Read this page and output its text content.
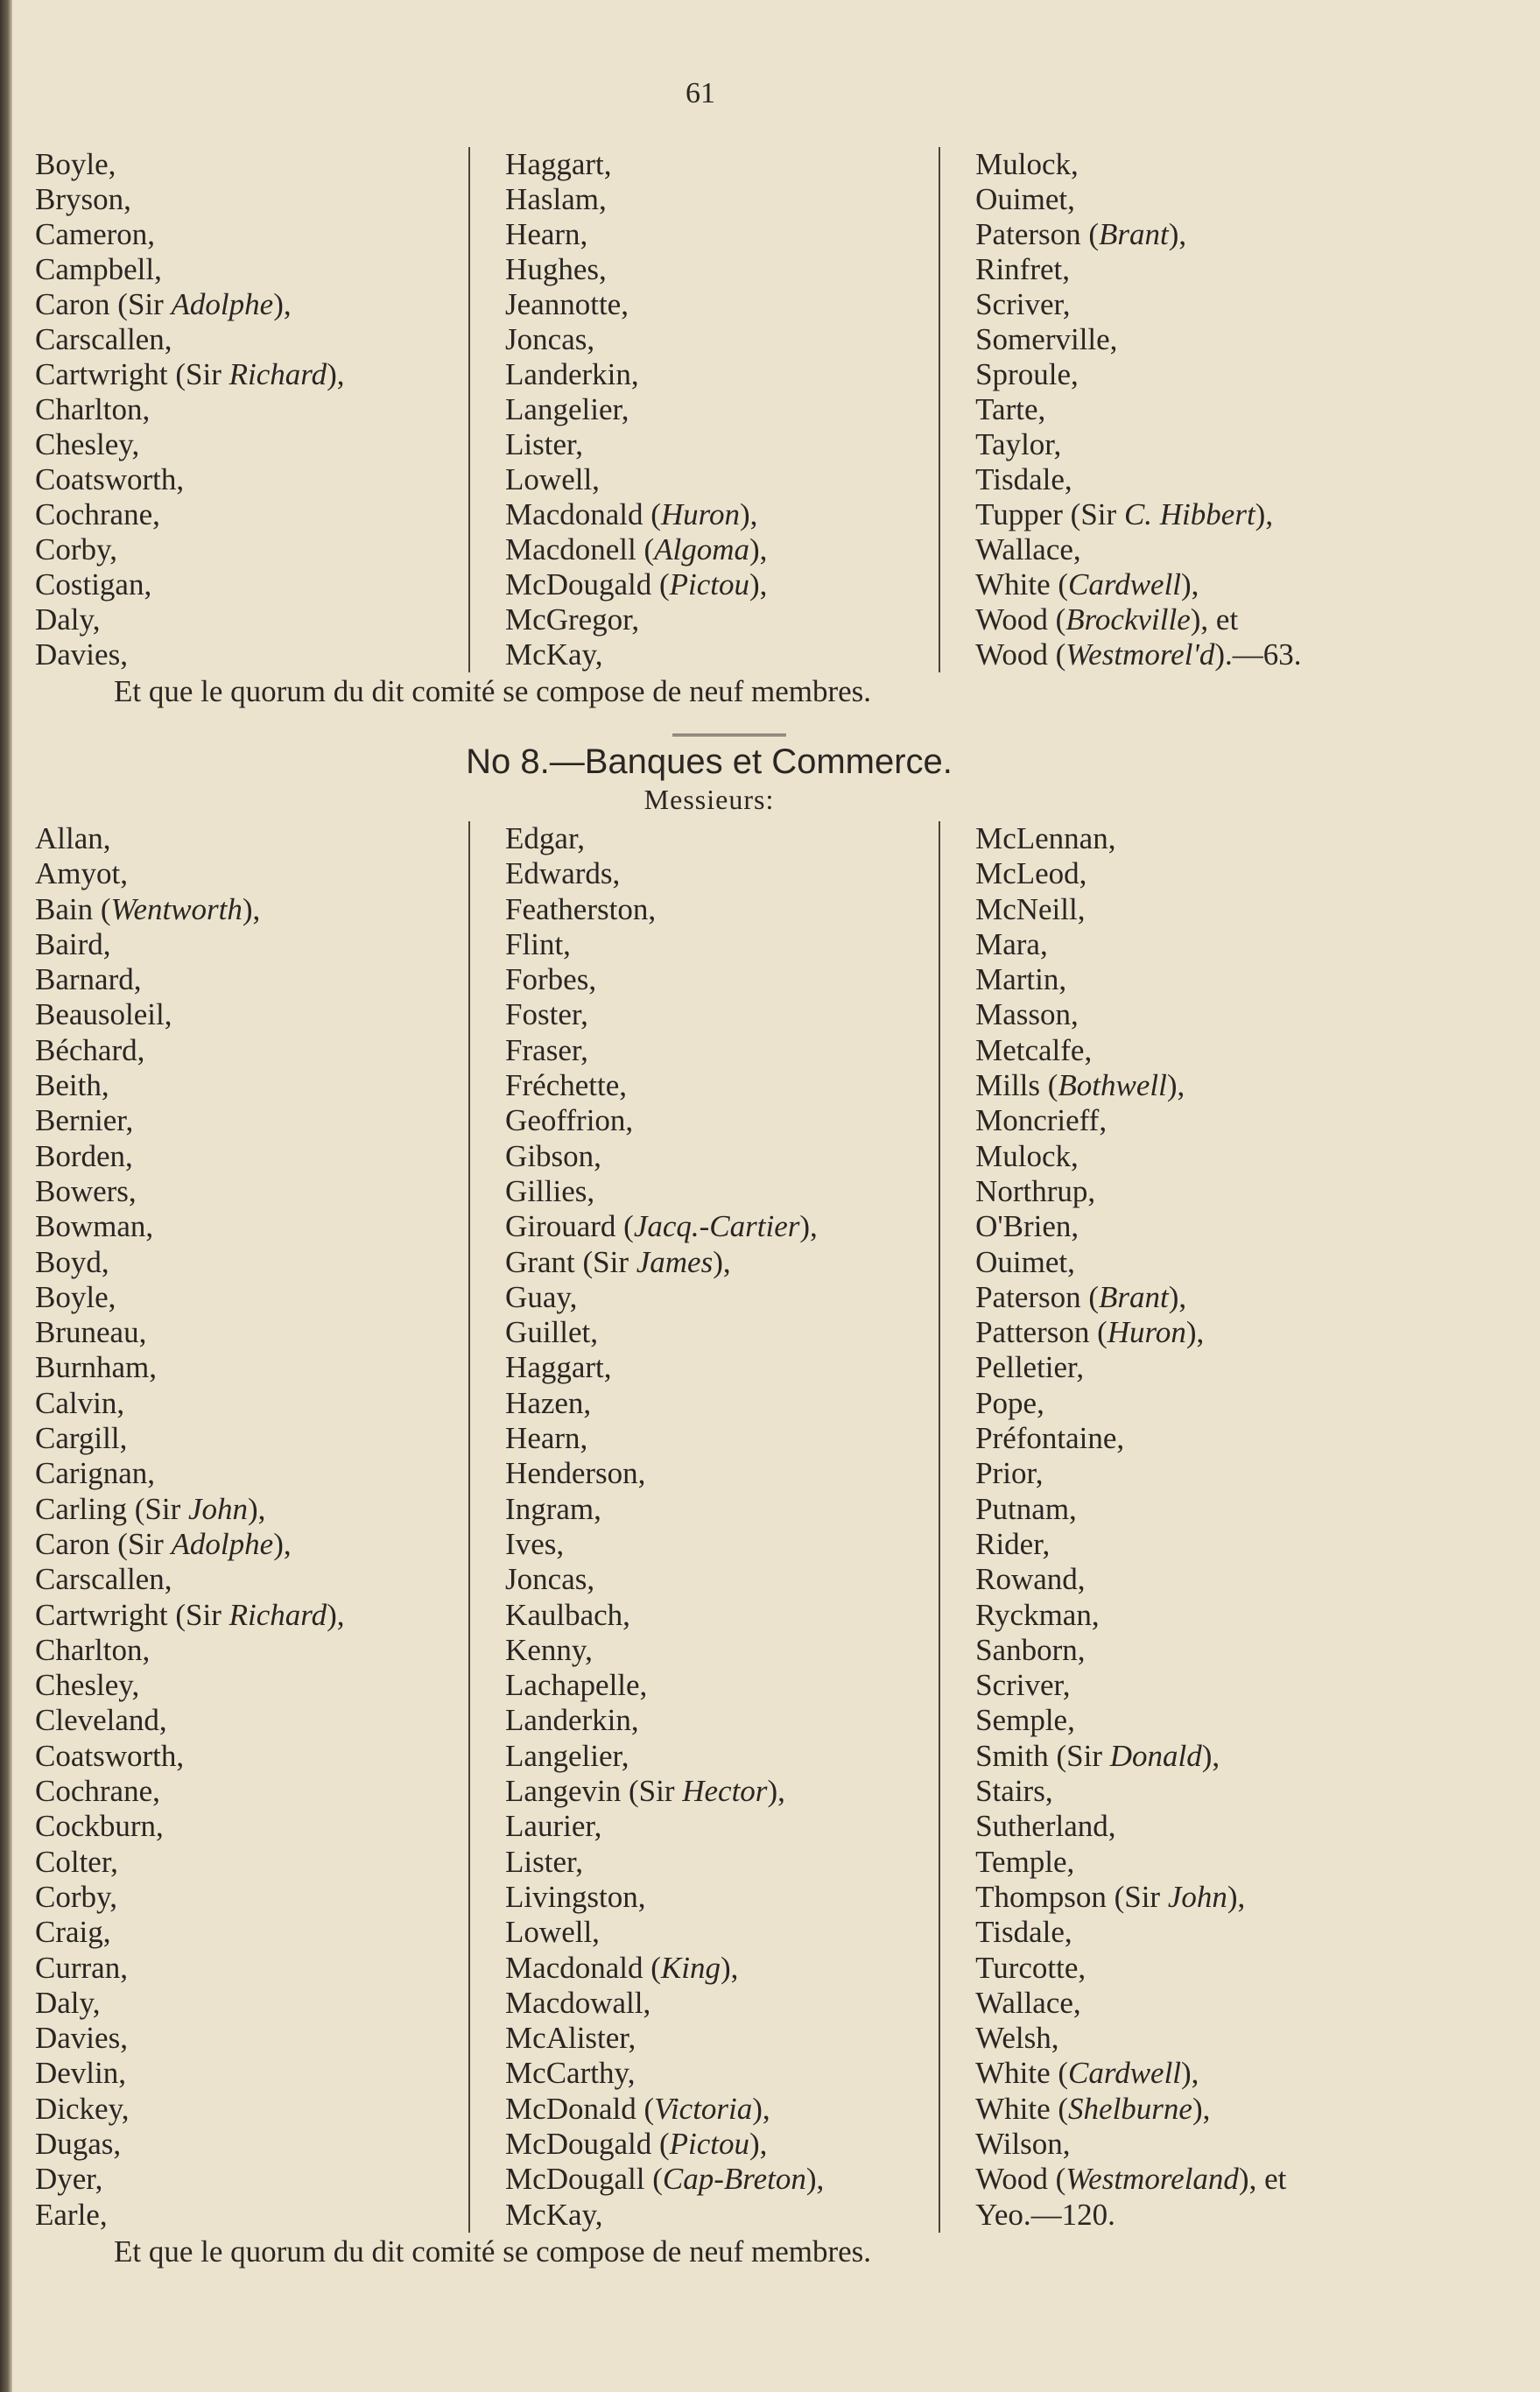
61
Boyle,
Bryson,
Cameron,
Campbell,
Caron (Sir Adolphe),
Carscallen,
Cartwright (Sir Richard),
Charlton,
Chesley,
Coatsworth,
Cochrane,
Corby,
Costigan,
Daly,
Davies,
Haggart,
Haslam,
Hearn,
Hughes,
Jeannotte,
Joncas,
Landerkin,
Langelier,
Lister,
Lowell,
Macdonald (Huron),
Macdonell (Algoma),
McDougald (Pictou),
McGregor,
McKay,
Mulock,
Ouimet,
Paterson (Brant),
Rinfret,
Scriver,
Somerville,
Sproule,
Tarte,
Taylor,
Tisdale,
Tupper (Sir C. Hibbert),
Wallace,
White (Cardwell),
Wood (Brockville), et
Wood (Westmorel'd).—63.
Et que le quorum du dit comité se compose de neuf membres.
No 8.—Banques et Commerce.
Messieurs:
Allan,
Amyot,
Bain (Wentworth),
Baird,
Barnard,
Beausoleil,
Béchard,
Beith,
Bernier,
Borden,
Bowers,
Bowman,
Boyd,
Boyle,
Bruneau,
Burnham,
Calvin,
Cargill,
Carignan,
Carling (Sir John),
Caron (Sir Adolphe),
Carscallen,
Cartwright (Sir Richard),
Charlton,
Chesley,
Cleveland,
Coatsworth,
Cochrane,
Cockburn,
Colter,
Corby,
Craig,
Curran,
Daly,
Davies,
Devlin,
Dickey,
Dugas,
Dyer,
Earle,
Edgar,
Edwards,
Featherston,
Flint,
Forbes,
Foster,
Fraser,
Fréchette,
Geoffrion,
Gibson,
Gillies,
Girouard (Jacq.-Cartier),
Grant (Sir James),
Guay,
Guillet,
Haggart,
Hazen,
Hearn,
Henderson,
Ingram,
Ives,
Joncas,
Kaulbach,
Kenny,
Lachapelle,
Landerkin,
Langelier,
Langevin (Sir Hector),
Laurier,
Lister,
Livingston,
Lowell,
Macdonald (King),
Macdowall,
McAlister,
McCarthy,
McDonald (Victoria),
McDougald (Pictou),
McDougall (Cap-Breton),
McKay,
McLennan,
McLeod,
McNeill,
Mara,
Martin,
Masson,
Metcalfe,
Mills (Bothwell),
Moncrieff,
Mulock,
Northrup,
O'Brien,
Ouimet,
Paterson (Brant),
Patterson (Huron),
Pelletier,
Pope,
Préfontaine,
Prior,
Putnam,
Rider,
Rowand,
Ryckman,
Sanborn,
Scriver,
Semple,
Smith (Sir Donald),
Stairs,
Sutherland,
Temple,
Thompson (Sir John),
Tisdale,
Turcotte,
Wallace,
Welsh,
White (Cardwell),
White (Shelburne),
Wilson,
Wood (Westmoreland), et
Yeo.—120.
Et que le quorum du dit comité se compose de neuf membres.
